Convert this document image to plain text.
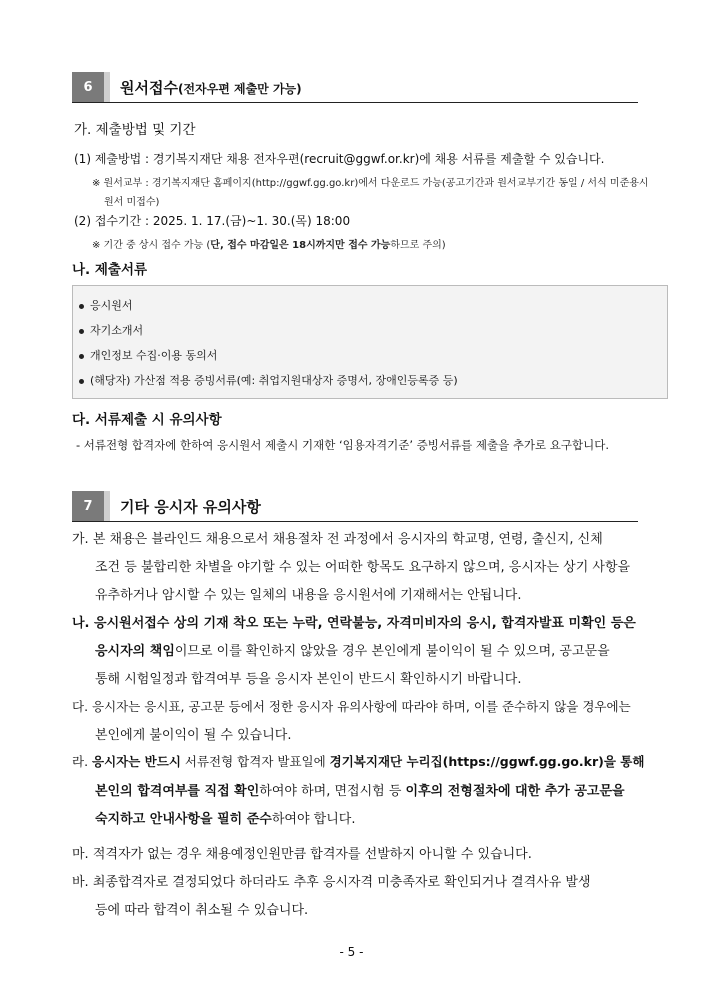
6	원서접수(전자우편 제출만 가능)
가. 제출방법 및 기간
(1) 제출방법 : 경기복지재단 채용 전자우편(recruit@ggwf.or.kr)에 채용 서류를 제출할 수 있습니다.
※ 원서교부 : 경기복지재단 홈페이지(http://ggwf.gg.go.kr)에서 다운로드 가능(공고기간과 원서교부기간 동일 / 서식 미준용시
원서 미접수)
(2) 접수기간 : 2025. 1. 17.(금)~1. 30.(목) 18:00
※ 기간 중 상시 접수 가능 (단, 접수 마감일은 18시까지만 접수 가능하므로 주의)
나. 제출서류
응시원서
자기소개서
개인정보 수집·이용 동의서
(해당자) 가산점 적용 증빙서류(예: 취업지원대상자 증명서, 장애인등록증 등)
다. 서류제출 시 유의사항
- 서류전형 합격자에 한하여 응시원서 제출시 기재한 ‘임용자격기준’ 증빙서류를 제출을 추가로 요구합니다.
7	기타 응시자 유의사항
가. 본 채용은 블라인드 채용으로서 채용절차 전 과정에서 응시자의 학교명, 연령, 출신지, 신체
조건 등 불합리한 차별을 야기할 수 있는 어떠한 항목도 요구하지 않으며, 응시자는 상기 사항을
유추하거나 암시할 수 있는 일체의 내용을 응시원서에 기재해서는 안됩니다.
나. 응시원서접수 상의 기재 착오 또는 누락, 연락불능, 자격미비자의 응시, 합격자발표 미확인 등은
응시자의 책임이므로 이를 확인하지 않았을 경우 본인에게 불이익이 될 수 있으며, 공고문을
통해 시험일정과 합격여부 등을 응시자 본인이 반드시 확인하시기 바랍니다.
다. 응시자는 응시표, 공고문 등에서 정한 응시자 유의사항에 따라야 하며, 이를 준수하지 않을 경우에는
본인에게 불이익이 될 수 있습니다.
라. 응시자는 반드시 서류전형 합격자 발표일에 경기복지재단 누리집(https://ggwf.gg.go.kr)을 통해
본인의 합격여부를 직접 확인하여야 하며, 면접시험 등 이후의 전형절차에 대한 추가 공고문을
숙지하고 안내사항을 필히 준수하여야 합니다.
마. 적격자가 없는 경우 채용예정인원만큼 합격자를 선발하지 아니할 수 있습니다.
바. 최종합격자로 결정되었다 하더라도 추후 응시자격 미충족자로 확인되거나 결격사유 발생
등에 따라 합격이 취소될 수 있습니다.
- 5 -
